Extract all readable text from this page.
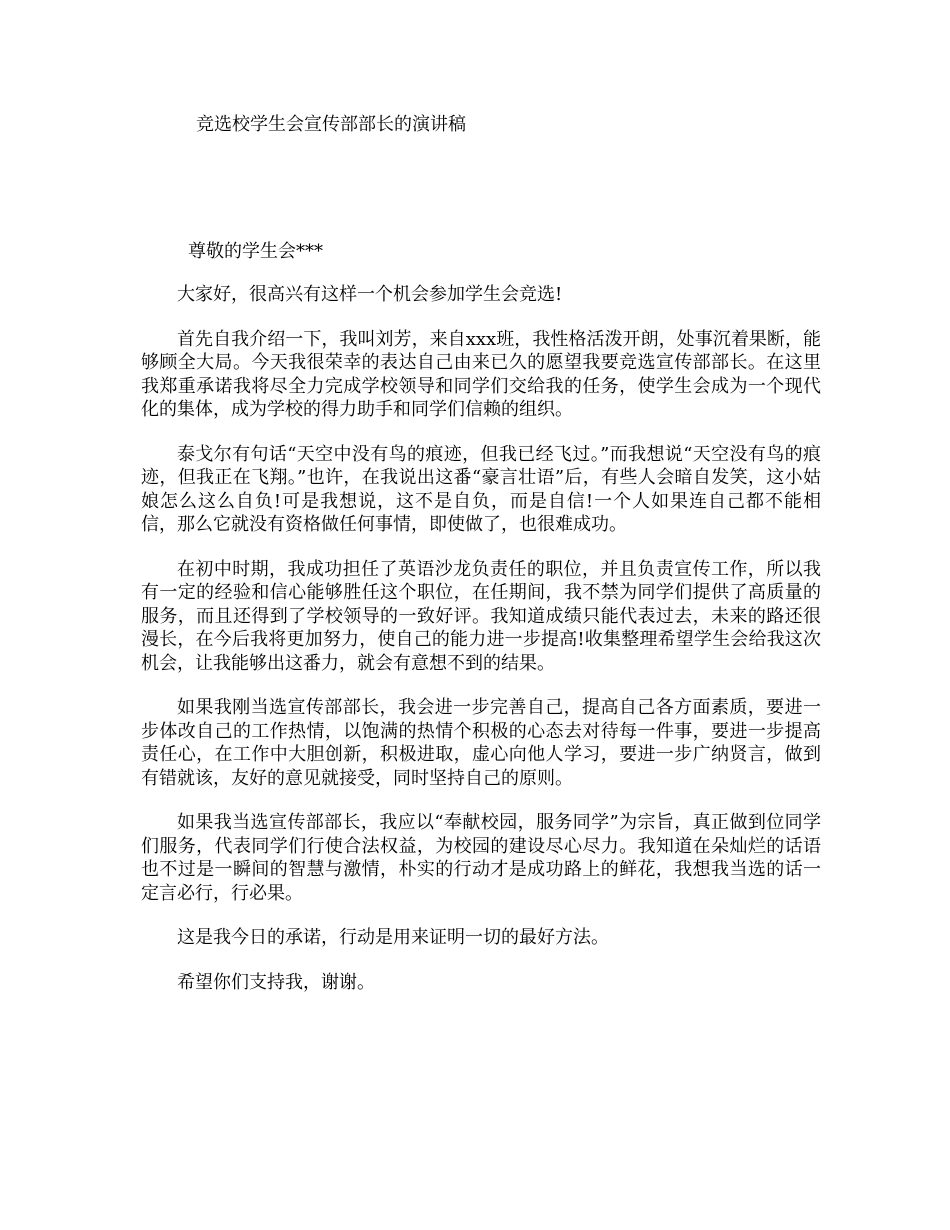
竞选校学生会宣传部部长的演讲稿
尊敬的学生会***

大家好，很高兴有这样一个机会参加学生会竞选!

首先自我介绍一下，我叫刘芳，来自xxx班，我性格活泼开朗，处事沉着果断，能够顾全大局。今天我很荣幸的表达自己由来已久的愿望我要竞选宣传部部长。在这里我郑重承诺我将尽全力完成学校领导和同学们交给我的任务，使学生会成为一个现代化的集体，成为学校的得力助手和同学们信赖的组织。

泰戈尔有句话“天空中没有鸟的痕迹，但我已经飞过。”而我想说“天空没有鸟的痕迹，但我正在飞翔。”也许，在我说出这番“豪言壮语”后，有些人会暗自发笑，这小姑娘怎么这么自负!可是我想说，这不是自负，而是自信!一个人如果连自己都不能相信，那么它就没有资格做任何事情，即使做了，也很难成功。

在初中时期，我成功担任了英语沙龙负责任的职位，并且负责宣传工作，所以我有一定的经验和信心能够胜任这个职位，在任期间，我不禁为同学们提供了高质量的服务，而且还得到了学校领导的一致好评。我知道成绩只能代表过去，未来的路还很漫长，在今后我将更加努力，使自己的能力进一步提高!收集整理希望学生会给我这次机会，让我能够出这番力，就会有意想不到的结果。

如果我刚当选宣传部部长，我会进一步完善自己，提高自己各方面素质，要进一步体改自己的工作热情，以饱满的热情个积极的心态去对待每一件事，要进一步提高责任心，在工作中大胆创新，积极进取，虚心向他人学习，要进一步广纳贤言，做到有错就该，友好的意见就接受，同时坚持自己的原则。

如果我当选宣传部部长，我应以“奉献校园，服务同学”为宗旨，真正做到位同学们服务，代表同学们行使合法权益，为校园的建设尽心尽力。我知道在朵灿烂的话语也不过是一瞬间的智慧与激情，朴实的行动才是成功路上的鲜花，我想我当选的话一定言必行，行必果。

这是我今日的承诺，行动是用来证明一切的最好方法。

希望你们支持我，谢谢。
